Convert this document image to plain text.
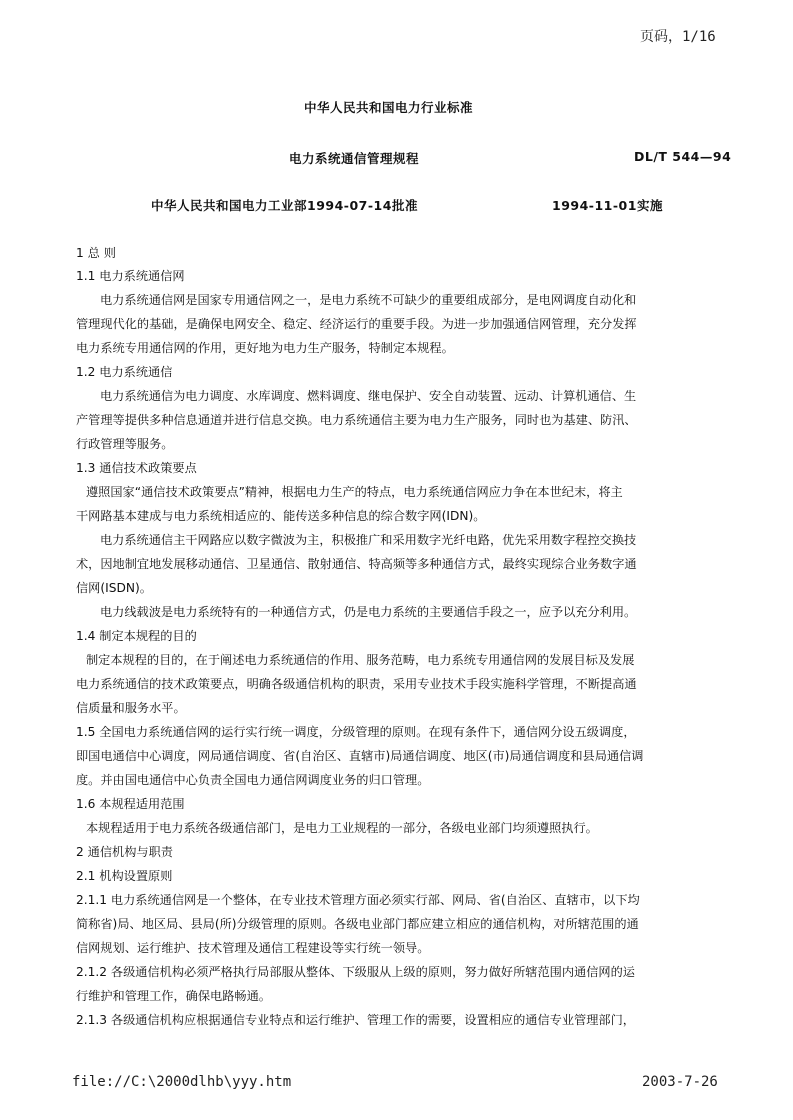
页码，1/16
中华人民共和国电力行业标准
电力系统通信管理规程	DL/T 544—94
中华人民共和国电力工业部1994-07-14批准	1994-11-01实施
1 总 则
1.1 电力系统通信网
电力系统通信网是国家专用通信网之一，是电力系统不可缺少的重要组成部分，是电网调度自动化和
管理现代化的基础，是确保电网安全、稳定、经济运行的重要手段。为进一步加强通信网管理，充分发挥
电力系统专用通信网的作用，更好地为电力生产服务，特制定本规程。
1.2 电力系统通信
电力系统通信为电力调度、水库调度、燃料调度、继电保护、安全自动装置、远动、计算机通信、生
产管理等提供多种信息通道并进行信息交换。电力系统通信主要为电力生产服务，同时也为基建、防汛、
行政管理等服务。
1.3 通信技术政策要点
遵照国家“通信技术政策要点”精神，根据电力生产的特点，电力系统通信网应力争在本世纪末，将主
干网路基本建成与电力系统相适应的、能传送多种信息的综合数字网(IDN)。
电力系统通信主干网路应以数字微波为主，积极推广和采用数字光纤电路，优先采用数字程控交换技
术，因地制宜地发展移动通信、卫星通信、散射通信、特高频等多种通信方式，最终实现综合业务数字通
信网(ISDN)。
电力线载波是电力系统特有的一种通信方式，仍是电力系统的主要通信手段之一，应予以充分利用。
1.4 制定本规程的目的
制定本规程的目的，在于阐述电力系统通信的作用、服务范畴，电力系统专用通信网的发展目标及发展
电力系统通信的技术政策要点，明确各级通信机构的职责，采用专业技术手段实施科学管理，不断提高通
信质量和服务水平。
1.5 全国电力系统通信网的运行实行统一调度，分级管理的原则。在现有条件下，通信网分设五级调度，
即国电通信中心调度，网局通信调度、省(自治区、直辖市)局通信调度、地区(市)局通信调度和县局通信调
度。并由国电通信中心负责全国电力通信网调度业务的归口管理。
1.6 本规程适用范围
本规程适用于电力系统各级通信部门，是电力工业规程的一部分，各级电业部门均须遵照执行。
2 通信机构与职责
2.1 机构设置原则
2.1.1 电力系统通信网是一个整体，在专业技术管理方面必须实行部、网局、省(自治区、直辖市，以下均
简称省)局、地区局、县局(所)分级管理的原则。各级电业部门都应建立相应的通信机构，对所辖范围的通
信网规划、运行维护、技术管理及通信工程建设等实行统一领导。
2.1.2 各级通信机构必须严格执行局部服从整体、下级服从上级的原则，努力做好所辖范围内通信网的运
行维护和管理工作，确保电路畅通。
2.1.3 各级通信机构应根据通信专业特点和运行维护、管理工作的需要，设置相应的通信专业管理部门，
file://C:\2000dlhb\yyy.htm	2003-7-26
